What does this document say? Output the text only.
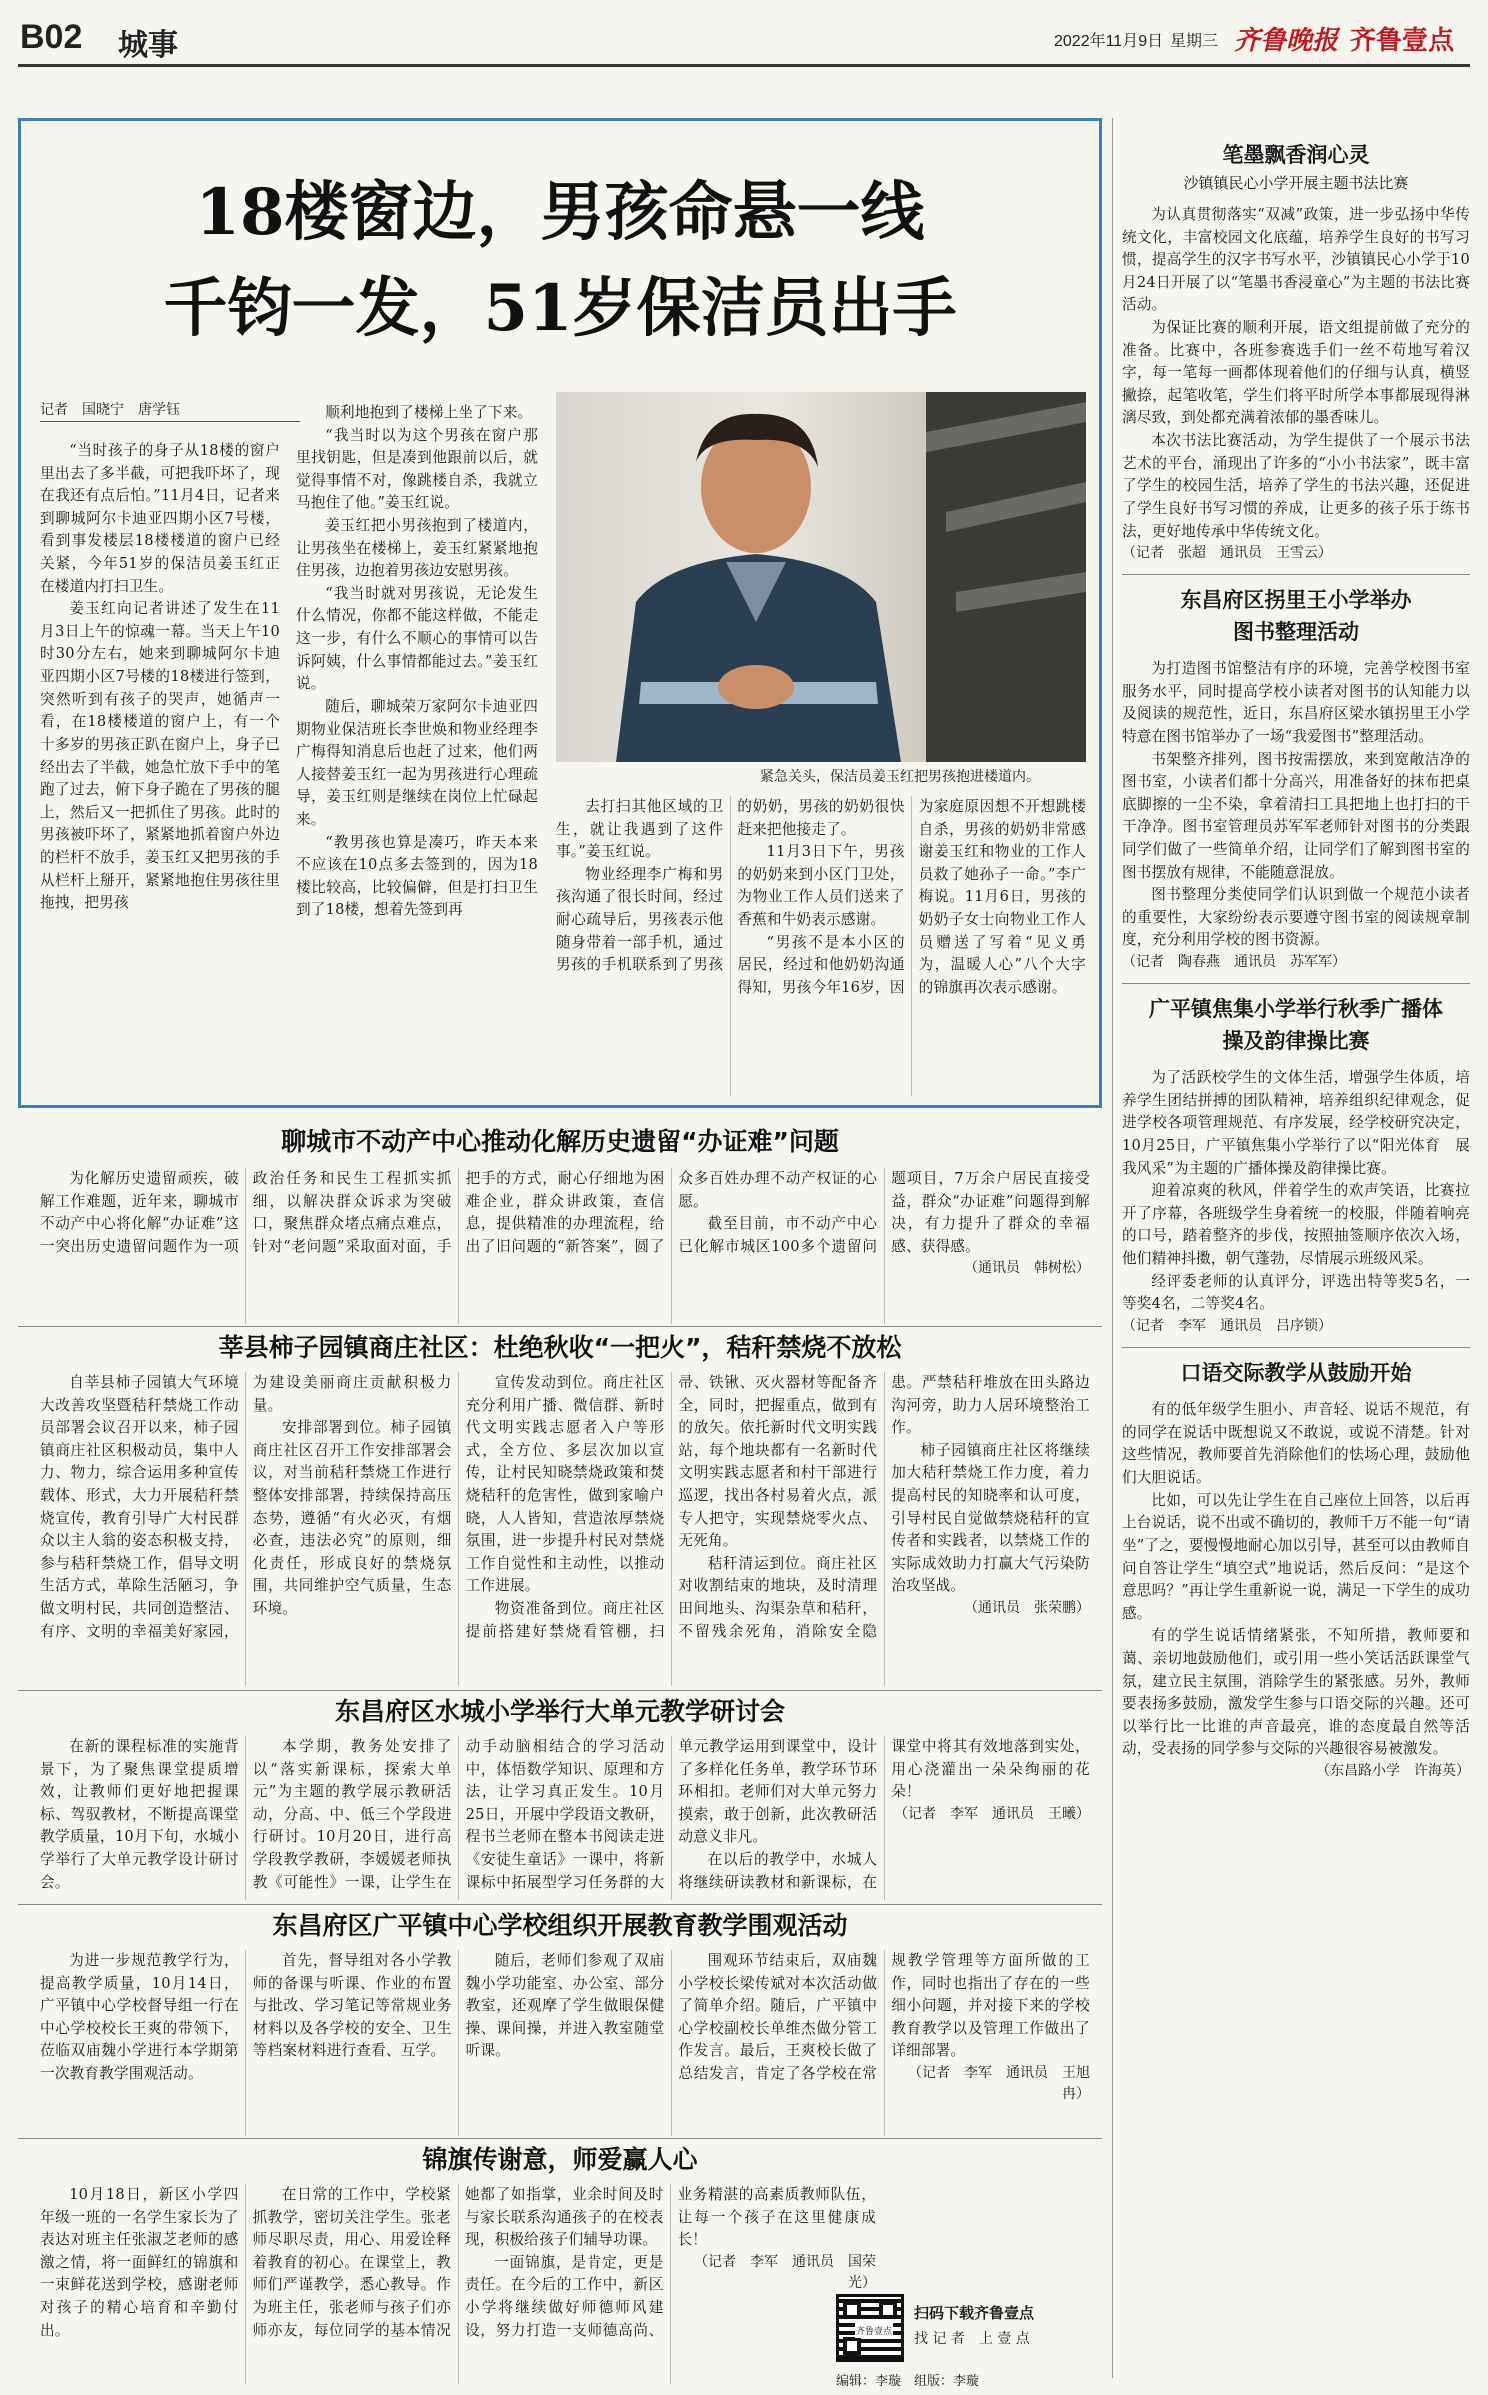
B02 城事	2022年11月9日 星期三 齐鲁晚报 齐鲁壹点
18楼窗边，男孩命悬一线
千钧一发，51岁保洁员出手
记者　国晓宁　唐学钰

“当时孩子的身子从18楼的窗户里出去了多半截，可把我吓坏了，现在我还有点后怕。”11月4日，记者来到聊城阿尔卡迪亚四期小区7号楼，看到事发楼层18楼楼道的窗户已经关紧，今年51岁的保洁员姜玉红正在楼道内打扫卫生。

姜玉红向记者讲述了发生在11月3日上午的惊魂一幕。当天上午10时30分左右，她来到聊城阿尔卡迪亚四期小区7号楼的18楼进行签到，突然听到有孩子的哭声，她循声一看，在18楼楼道的窗户上，有一个十多岁的男孩正趴在窗户上，身子已经出去了半截，她急忙放下手中的笔跑了过去，俯下身子跪在了男孩的腿上，然后又一把抓住了男孩。此时的男孩被吓坏了，紧紧地抓着窗户外边的栏杆不放手，姜玉红又把男孩的手从栏杆上掰开，紧紧地抱住男孩往里拖拽，把男孩

顺利地抱到了楼梯上坐了下来。

“我当时以为这个男孩在窗户那里找钥匙，但是凑到他跟前以后，就觉得事情不对，像跳楼自杀，我就立马抱住了他。”姜玉红说。

姜玉红把小男孩抱到了楼道内，让男孩坐在楼梯上，姜玉红紧紧地抱住男孩，边抱着男孩边安慰男孩。

“我当时就对男孩说，无论发生什么情况，你都不能这样做，不能走这一步，有什么不顺心的事情可以告诉阿姨，什么事情都能过去。”姜玉红说。

随后，聊城荣万家阿尔卡迪亚四期物业保洁班长李世焕和物业经理李广梅得知消息后也赶了过来，他们两人接替姜玉红一起为男孩进行心理疏导，姜玉红则是继续在岗位上忙碌起来。

“教男孩也算是凑巧，昨天本来不应该在10点多去签到的，因为18楼比较高，比较偏僻，但是打扫卫生到了18楼，想着先签到再

紧急关头，保洁员姜玉红把男孩抱进楼道内。

去打扫其他区域的卫生，就让我遇到了这件事。”姜玉红说。

物业经理李广梅和男孩沟通了很长时间，经过耐心疏导后，男孩表示他随身带着一部手机，通过男孩的手机联系到了男孩的奶奶，男孩的奶奶很快赶来把他接走了。

11月3日下午，男孩的奶奶来到小区门卫处，为物业工作人员们送来了香蕉和牛奶表示感谢。

“男孩不是本小区的居民，经过和他奶奶沟通得知，男孩今年16岁，因为家庭原因想不开想跳楼自杀，男孩的奶奶非常感谢姜玉红和物业的工作人员救了她孙子一命。”李广梅说。11月6日，男孩的奶奶子女士向物业工作人员赠送了写着“见义勇为，温暖人心”八个大字的锦旗再次表示感谢。

聊城市不动产中心推动化解历史遗留“办证难”问题

为化解历史遗留顽疾，破解工作难题，近年来，聊城市不动产中心将化解“办证难”这一突出历史遗留问题作为一项政治任务和民生工程抓实抓细，以解决群众诉求为突破口，聚焦群众堵点痛点难点，针对“老问题”采取面对面，手把手的方式，耐心仔细地为困难企业，群众讲政策，查信息，提供精准的办理流程，给出了旧问题的“新答案”，圆了众多百姓办理不动产权证的心愿。

截至目前，市不动产中心已化解市城区100多个遗留问题项目，7万余户居民直接受益，群众“办证难”问题得到解决，有力提升了群众的幸福感、获得感。

（通讯员　韩树松）
莘县柿子园镇商庄社区：杜绝秋收“一把火”，秸秆禁烧不放松

自莘县柿子园镇大气环境大改善攻坚暨秸秆禁烧工作动员部署会议召开以来，柿子园镇商庄社区积极动员，集中人力、物力，综合运用多种宣传载体、形式，大力开展秸秆禁烧宣传，教育引导广大村民群众以主人翁的姿态积极支持，参与秸秆禁烧工作，倡导文明生活方式，革除生活陋习，争做文明村民，共同创造整洁、有序、文明的幸福美好家园，为建设美丽商庄贡献积极力量。

安排部署到位。柿子园镇商庄社区召开工作安排部署会议，对当前秸秆禁烧工作进行整体安排部署，持续保持高压态势，遵循“有火必灭，有烟必查，违法必究”的原则，细化责任，形成良好的禁烧氛围，共同维护空气质量，生态环境。

宣传发动到位。商庄社区充分利用广播、微信群、新时代文明实践志愿者入户等形式，全方位、多层次加以宣传，让村民知晓禁烧政策和焚烧秸秆的危害性，做到家喻户晓，人人皆知，营造浓厚禁烧氛围，进一步提升村民对禁烧工作自觉性和主动性，以推动工作进展。

物资准备到位。商庄社区提前搭建好禁烧看管棚，扫帚、铁锹、灭火器材等配备齐全，同时，把握重点，做到有的放矢。依托新时代文明实践站，每个地块都有一名新时代文明实践志愿者和村干部进行巡逻，找出各村易着火点，派专人把守，实现禁烧零火点、无死角。

秸秆清运到位。商庄社区对收割结束的地块，及时清理田间地头、沟渠杂草和秸秆，不留残余死角，消除安全隐患。严禁秸秆堆放在田头路边沟河旁，助力人居环境整治工作。

柿子园镇商庄社区将继续加大秸秆禁烧工作力度，着力提高村民的知晓率和认可度，引导村民自觉做禁烧秸秆的宣传者和实践者，以禁烧工作的实际成效助力打赢大气污染防治攻坚战。

（通讯员　张荣鹏）
东昌府区水城小学举行大单元教学研讨会

在新的课程标准的实施背景下，为了聚焦课堂提质增效，让教师们更好地把握课标、驾驭教材，不断提高课堂教学质量，10月下旬，水城小学举行了大单元教学设计研讨会。

本学期，教务处安排了以“落实新课标，探索大单元”为主题的教学展示教研活动，分高、中、低三个学段进行研讨。10月20日，进行高学段教学教研，李媛媛老师执教《可能性》一课，让学生在动手动脑相结合的学习活动中，体悟数学知识、原理和方法，让学习真正发生。10月25日，开展中学段语文教研，程书兰老师在整本书阅读走进《安徒生童话》一课中，将新课标中拓展型学习任务群的大单元教学运用到课堂中，设计了多样化任务单，教学环节环环相扣。老师们对大单元努力摸索，敢于创新，此次教研活动意义非凡。

在以后的教学中，水城人将继续研读教材和新课标，在课堂中将其有效地落到实处，用心浇灌出一朵朵绚丽的花朵！

（记者　李军　通讯员　王曦）
东昌府区广平镇中心学校组织开展教育教学围观活动

为进一步规范教学行为，提高教学质量，10月14日，广平镇中心学校督导组一行在中心学校校长王爽的带领下，莅临双庙魏小学进行本学期第一次教育教学围观活动。

首先，督导组对各小学教师的备课与听课、作业的布置与批改、学习笔记等常规业务材料以及各学校的安全、卫生等档案材料进行查看、互学。

随后，老师们参观了双庙魏小学功能室、办公室、部分教室，还观摩了学生做眼保健操、课间操，并进入教室随堂听课。

围观环节结束后，双庙魏小学校长梁传斌对本次活动做了简单介绍。随后，广平镇中心学校副校长单维杰做分管工作发言。最后，王爽校长做了总结发言，肯定了各学校在常规教学管理等方面所做的工作，同时也指出了存在的一些细小问题，并对接下来的学校教育教学以及管理工作做出了详细部署。

（记者　李军　通讯员　王旭冉）
锦旗传谢意，师爱赢人心

10月18日，新区小学四年级一班的一名学生家长为了表达对班主任张淑芝老师的感激之情，将一面鲜红的锦旗和一束鲜花送到学校，感谢老师对孩子的精心培育和辛勤付出。

在日常的工作中，学校紧抓教学，密切关注学生。张老师尽职尽责，用心、用爱诠释着教育的初心。在课堂上，教师们严谨教学，悉心教导。作为班主任，张老师与孩子们亦师亦友，每位同学的基本情况她都了如指掌，业余时间及时与家长联系沟通孩子的在校表现，积极给孩子们辅导功课。

一面锦旗，是肯定，更是责任。在今后的工作中，新区小学将继续做好师德师风建设，努力打造一支师德高尚、业务精湛的高素质教师队伍，让每一个孩子在这里健康成长！

（记者　李军　通讯员　国荣光）
齐鲁壹点
扫码下载齐鲁壹点
找 记 者　上 壹 点
编辑：李璇　组版：李璇
笔墨飘香润心灵
沙镇镇民心小学开展主题书法比赛

为认真贯彻落实“双减”政策，进一步弘扬中华传统文化，丰富校园文化底蕴，培养学生良好的书写习惯，提高学生的汉字书写水平，沙镇镇民心小学于10月24日开展了以“笔墨书香浸童心”为主题的书法比赛活动。

为保证比赛的顺利开展，语文组提前做了充分的准备。比赛中，各班参赛选手们一丝不苟地写着汉字，每一笔每一画都体现着他们的仔细与认真，横竖撇捺，起笔收笔，学生们将平时所学本事都展现得淋漓尽致，到处都充满着浓郁的墨香味儿。

本次书法比赛活动，为学生提供了一个展示书法艺术的平台，涌现出了许多的“小小书法家”，既丰富了学生的校园生活，培养了学生的书法兴趣，还促进了学生良好书写习惯的养成，让更多的孩子乐于练书法，更好地传承中华传统文化。

（记者　张超　通讯员　王雪云）
东昌府区拐里王小学举办图书整理活动

为打造图书馆整洁有序的环境，完善学校图书室服务水平，同时提高学校小读者对图书的认知能力以及阅读的规范性，近日，东昌府区梁水镇拐里王小学特意在图书馆举办了一场“我爱图书”整理活动。

书架整齐排列，图书按需摆放，来到宽敞洁净的图书室，小读者们都十分高兴，用准备好的抹布把桌底脚擦的一尘不染，拿着清扫工具把地上也打扫的干干净净。图书室管理员苏军军老师针对图书的分类跟同学们做了一些简单介绍，让同学们了解到图书室的图书摆放有规律，不能随意混放。

图书整理分类使同学们认识到做一个规范小读者的重要性，大家纷纷表示要遵守图书室的阅读规章制度，充分利用学校的图书资源。

（记者　陶春燕　通讯员　苏军军）
广平镇焦集小学举行秋季广播体操及韵律操比赛

为了活跃校学生的文体生活，增强学生体质，培养学生团结拼搏的团队精神，培养组织纪律观念，促进学校各项管理规范、有序发展，经学校研究决定，10月25日，广平镇焦集小学举行了以“阳光体育　展我风采”为主题的广播体操及韵律操比赛。

迎着凉爽的秋风，伴着学生的欢声笑语，比赛拉开了序幕，各班级学生身着统一的校服，伴随着响亮的口号，踏着整齐的步伐，按照抽签顺序依次入场，他们精神抖擞，朝气蓬勃，尽情展示班级风采。

经评委老师的认真评分，评选出特等奖5名，一等奖4名，二等奖4名。

（记者　李军　通讯员　吕序锁）
口语交际教学从鼓励开始

有的低年级学生胆小、声音轻、说话不规范，有的同学在说话中既想说又不敢说，或说不清楚。针对这些情况，教师要首先消除他们的怯场心理，鼓励他们大胆说话。

比如，可以先让学生在自己座位上回答，以后再上台说话，说不出或不确切的，教师千万不能一句“请坐”了之，要慢慢地耐心加以引导，甚至可以由教师自问自答让学生“填空式”地说话，然后反问：“是这个意思吗？”再让学生重新说一说，满足一下学生的成功感。

有的学生说话情绪紧张，不知所措，教师要和蔼、亲切地鼓励他们，或引用一些小笑话活跃课堂气氛，建立民主氛围，消除学生的紧张感。另外，教师要表扬多鼓励，激发学生参与口语交际的兴趣。还可以举行比一比谁的声音最亮，谁的态度最自然等活动，受表扬的同学参与交际的兴趣很容易被激发。

（东昌路小学　许海英）
